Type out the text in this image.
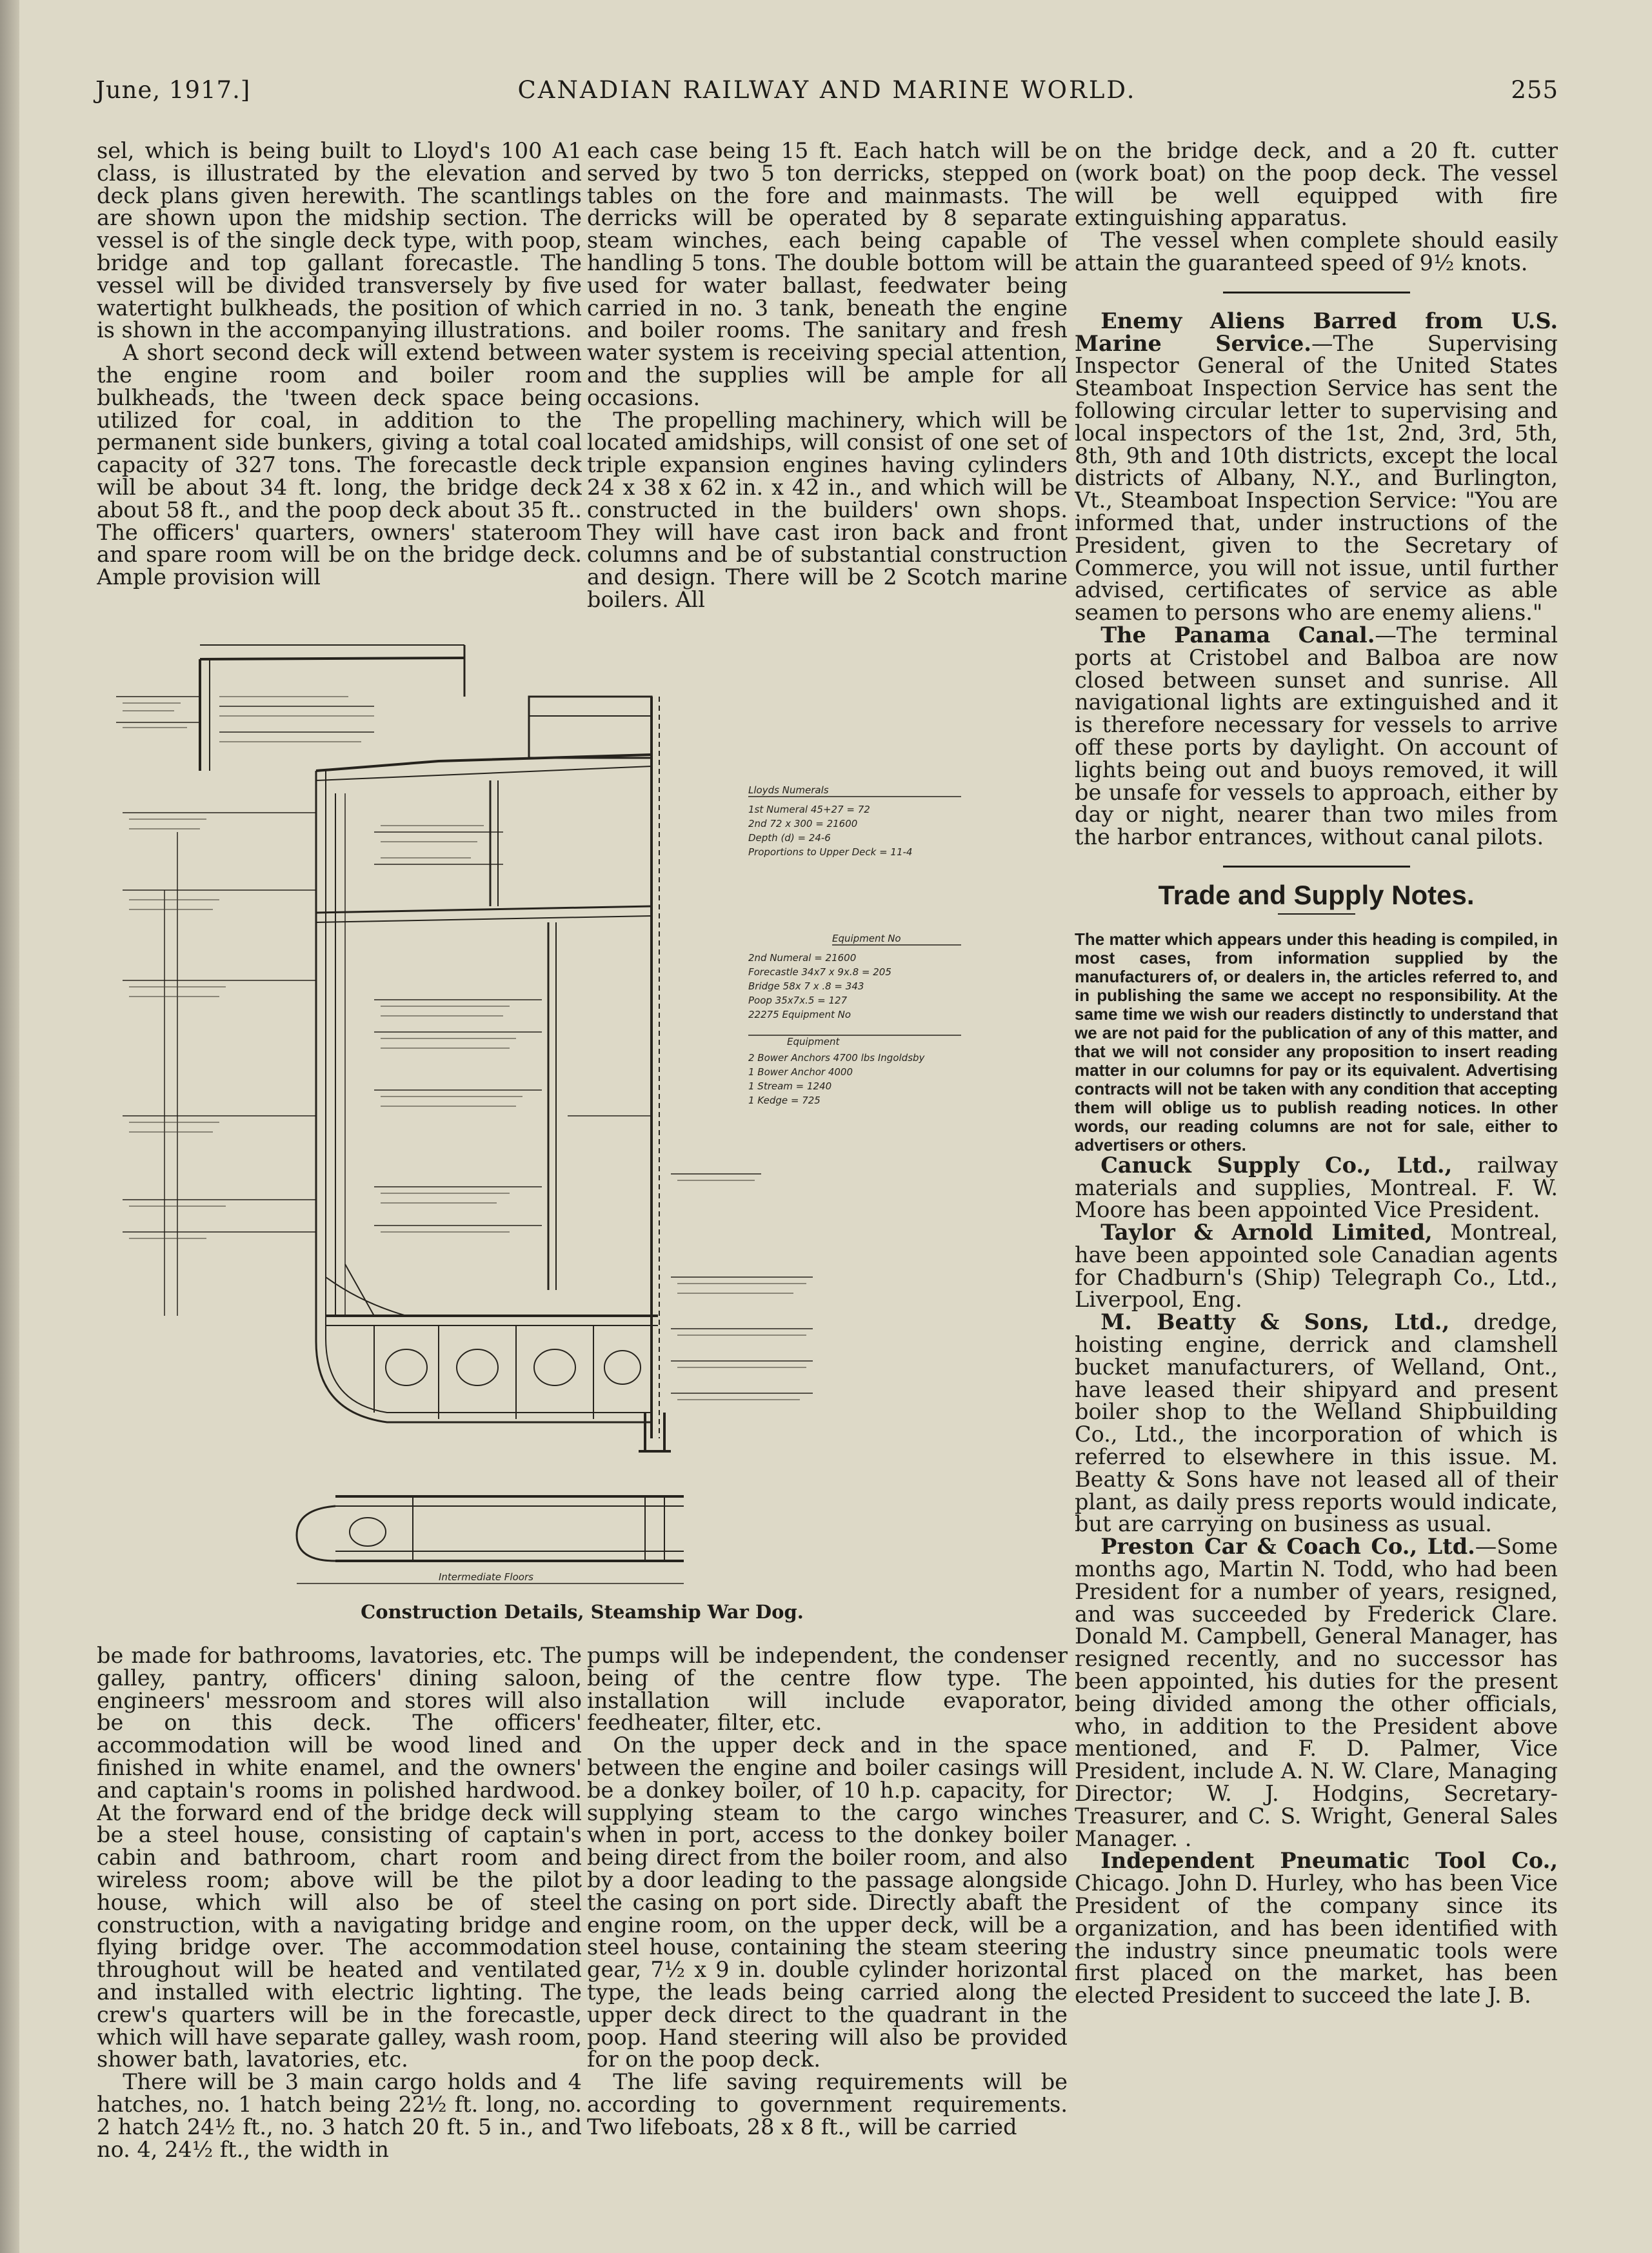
June, 1917.]	CANADIAN RAILWAY AND MARINE WORLD.	255

sel, which is being built to Lloyd's 100 A1 class, is illustrated by the elevation and deck plans given herewith. The scantlings are shown upon the midship section. The vessel is of the single deck type, with poop, bridge and top gallant forecastle. The vessel will be divided transversely by five watertight bulkheads, the position of which is shown in the accompanying illustrations.

A short second deck will extend between the engine room and boiler room bulkheads, the 'tween deck space being utilized for coal, in addition to the permanent side bunkers, giving a total coal capacity of 327 tons. The forecastle deck will be about 34 ft. long, the bridge deck about 58 ft., and the poop deck about 35 ft.. The officers' quarters, owners' stateroom and spare room will be on the bridge deck. Ample provision will

each case being 15 ft. Each hatch will be served by two 5 ton derricks, stepped on tables on the fore and mainmasts. The derricks will be operated by 8 separate steam winches, each being capable of handling 5 tons. The double bottom will be used for water ballast, feedwater being carried in no. 3 tank, beneath the engine and boiler rooms. The sanitary and fresh water system is receiving special attention, and the supplies will be ample for all occasions.

The propelling machinery, which will be located amidships, will consist of one set of triple expansion engines having cylinders 24 x 38 x 62 in. x 42 in., and which will be constructed in the builders' own shops. They will have cast iron back and front columns and be of substantial construction and design. There will be 2 Scotch marine boilers. All

Lloyds Numerals
1st Numeral 45+27 = 72
2nd 72 x 300 = 21600
Depth (d) = 24-6
Proportions to Upper Deck = 11-4
Equipment No
2nd Numeral = 21600
Forecastle 34x7 x 9x.8 = 205
Bridge 58x 7 x .8 = 343
Poop 35x7x.5 = 127
22275 Equipment No
Equipment
2 Bower Anchors 4700 lbs Ingoldsby
1 Bower Anchor 4000
1 Stream = 1240
1 Kedge = 725
Intermediate Floors
Construction Details, Steamship War Dog.

be made for bathrooms, lavatories, etc. The galley, pantry, officers' dining saloon, engineers' messroom and stores will also be on this deck. The officers' accommodation will be wood lined and finished in white enamel, and the owners' and captain's rooms in polished hardwood. At the forward end of the bridge deck will be a steel house, consisting of captain's cabin and bathroom, chart room and wireless room; above will be the pilot house, which will also be of steel construction, with a navigating bridge and flying bridge over. The accommodation throughout will be heated and ventilated and installed with electric lighting. The crew's quarters will be in the forecastle, which will have separate galley, wash room, shower bath, lavatories, etc.

There will be 3 main cargo holds and 4 hatches, no. 1 hatch being 22½ ft. long, no. 2 hatch 24½ ft., no. 3 hatch 20 ft. 5 in., and no. 4, 24½ ft., the width in

pumps will be independent, the condenser being of the centre flow type. The installation will include evaporator, feedheater, filter, etc.

On the upper deck and in the space between the engine and boiler casings will be a donkey boiler, of 10 h.p. capacity, for supplying steam to the cargo winches when in port, access to the donkey boiler being direct from the boiler room, and also by a door leading to the passage alongside the casing on port side. Directly abaft the engine room, on the upper deck, will be a steel house, containing the steam steering gear, 7½ x 9 in. double cylinder horizontal type, the leads being carried along the upper deck direct to the quadrant in the poop. Hand steering will also be provided for on the poop deck.

The life saving requirements will be according to government requirements. Two lifeboats, 28 x 8 ft., will be carried

on the bridge deck, and a 20 ft. cutter (work boat) on the poop deck. The vessel will be well equipped with fire extinguishing apparatus.

The vessel when complete should easily attain the guaranteed speed of 9½ knots.

Enemy Aliens Barred from U.S. Marine Service.—The Supervising Inspector General of the United States Steamboat Inspection Service has sent the following circular letter to supervising and local inspectors of the 1st, 2nd, 3rd, 5th, 8th, 9th and 10th districts, except the local districts of Albany, N.Y., and Burlington, Vt., Steamboat Inspection Service: "You are informed that, under instructions of the President, given to the Secretary of Commerce, you will not issue, until further advised, certificates of service as able seamen to persons who are enemy aliens."

The Panama Canal.—The terminal ports at Cristobel and Balboa are now closed between sunset and sunrise. All navigational lights are extinguished and it is therefore necessary for vessels to arrive off these ports by daylight. On account of lights being out and buoys removed, it will be unsafe for vessels to approach, either by day or night, nearer than two miles from the harbor entrances, without canal pilots.

Trade and Supply Notes.

The matter which appears under this heading is compiled, in most cases, from information supplied by the manufacturers of, or dealers in, the articles referred to, and in publishing the same we accept no responsibility. At the same time we wish our readers distinctly to understand that we are not paid for the publication of any of this matter, and that we will not consider any proposition to insert reading matter in our columns for pay or its equivalent. Advertising contracts will not be taken with any condition that accepting them will oblige us to publish reading notices. In other words, our reading columns are not for sale, either to advertisers or others.

Canuck Supply Co., Ltd., railway materials and supplies, Montreal. F. W. Moore has been appointed Vice President.

Taylor & Arnold Limited, Montreal, have been appointed sole Canadian agents for Chadburn's (Ship) Telegraph Co., Ltd., Liverpool, Eng.

M. Beatty & Sons, Ltd., dredge, hoisting engine, derrick and clamshell bucket manufacturers, of Welland, Ont., have leased their shipyard and present boiler shop to the Welland Shipbuilding Co., Ltd., the incorporation of which is referred to elsewhere in this issue. M. Beatty & Sons have not leased all of their plant, as daily press reports would indicate, but are carrying on business as usual.

Preston Car & Coach Co., Ltd.—Some months ago, Martin N. Todd, who had been President for a number of years, resigned, and was succeeded by Frederick Clare. Donald M. Campbell, General Manager, has resigned recently, and no successor has been appointed, his duties for the present being divided among the other officials, who, in addition to the President above mentioned, and F. D. Palmer, Vice President, include A. N. W. Clare, Managing Director; W. J. Hodgins, Secretary-Treasurer, and C. S. Wright, General Sales Manager. .

Independent Pneumatic Tool Co., Chicago. John D. Hurley, who has been Vice President of the company since its organization, and has been identified with the industry since pneumatic tools were first placed on the market, has been elected President to succeed the late J. B.
